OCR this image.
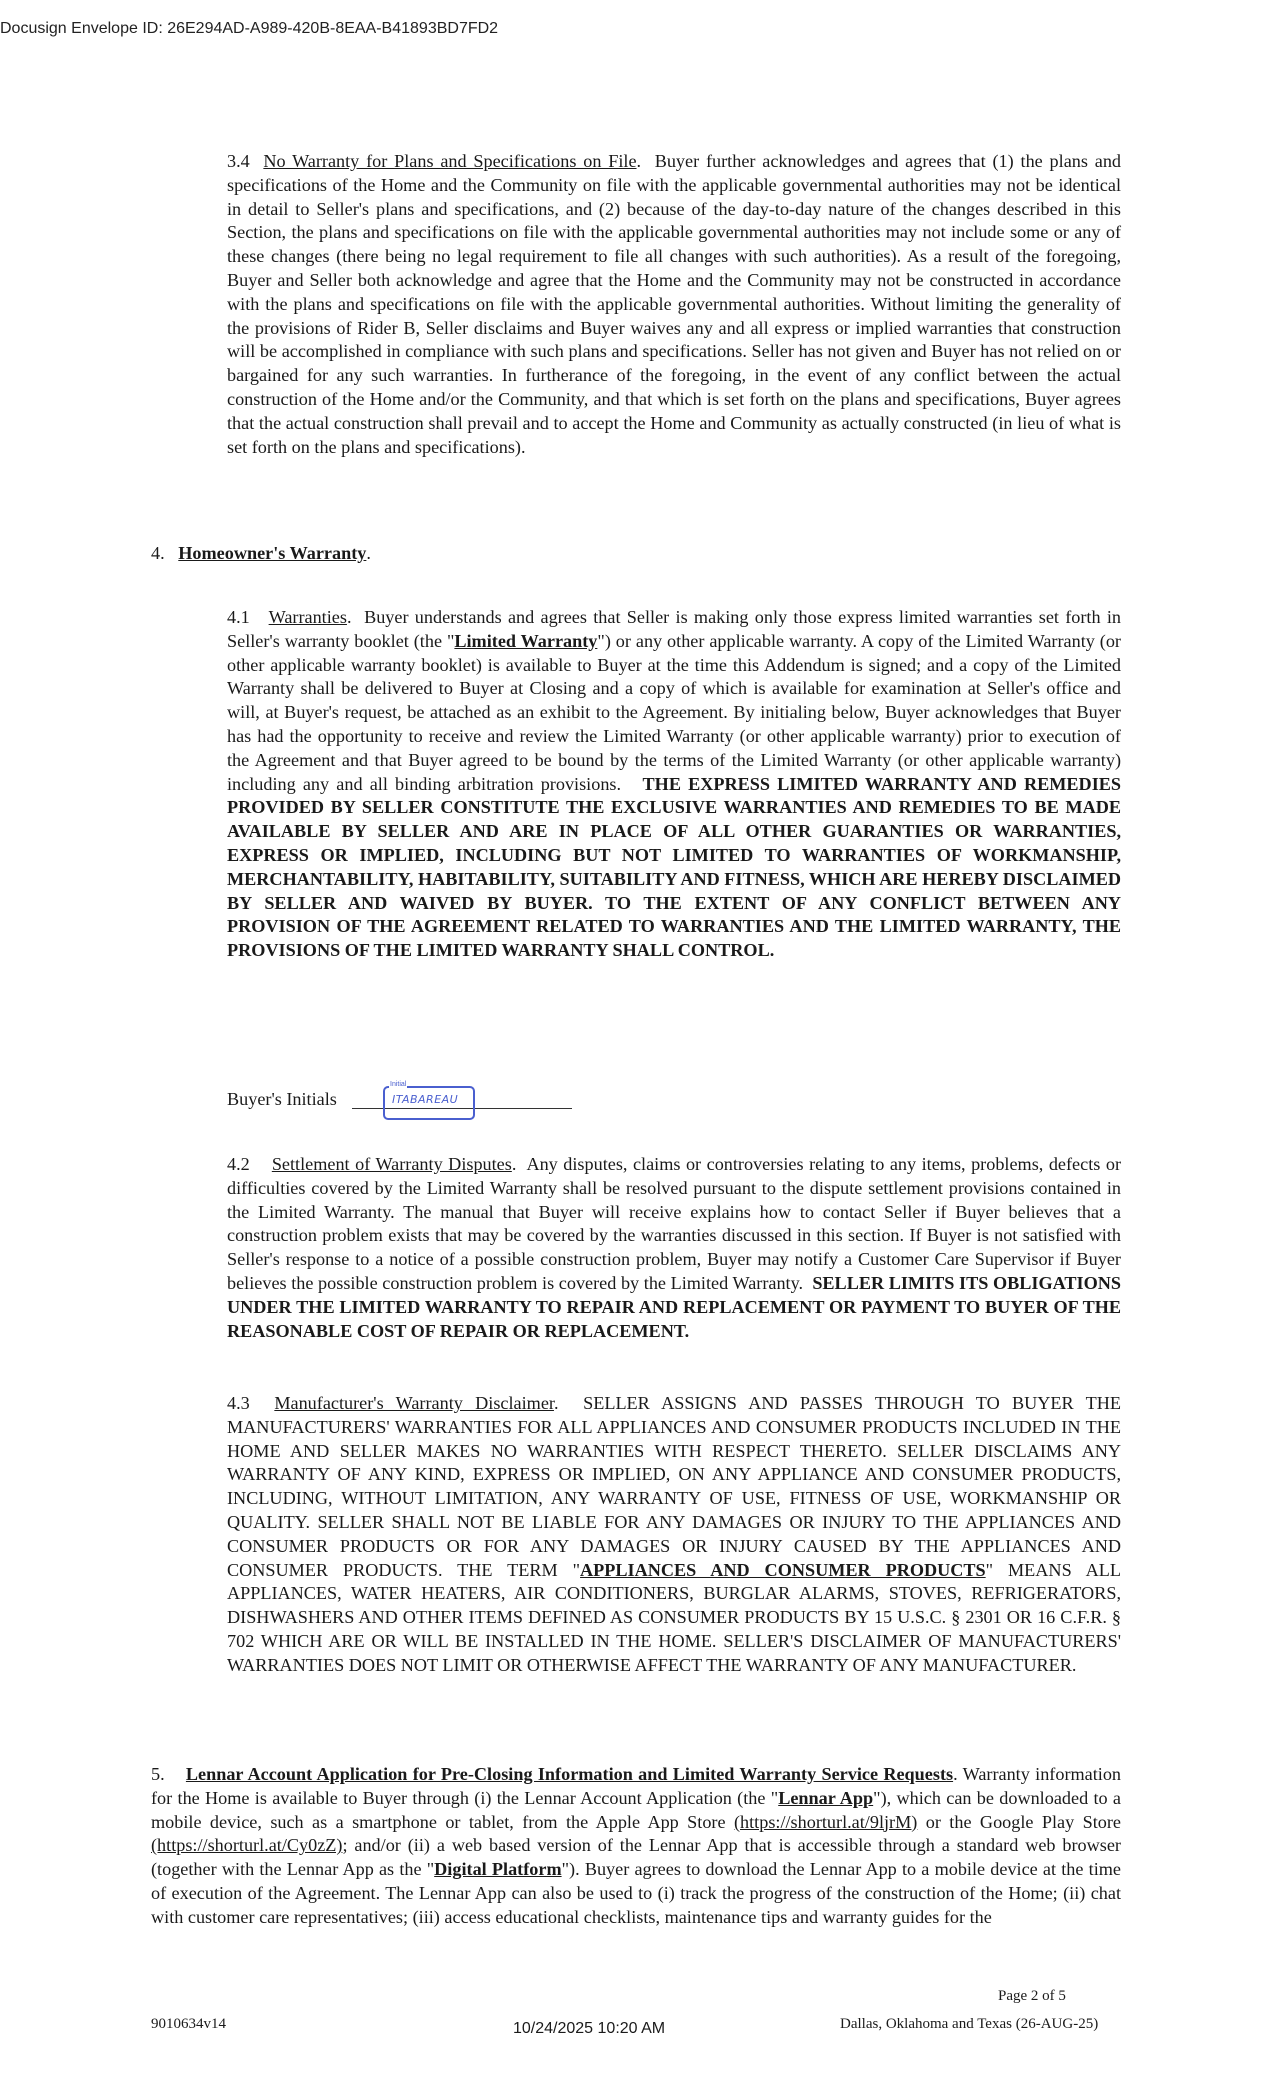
Docusign Envelope ID: 26E294AD-A989-420B-8EAA-B41893BD7FD2
3.4 No Warranty for Plans and Specifications on File.  Buyer further acknowledges and agrees that (1) the plans and specifications of the Home and the Community on file with the applicable governmental authorities may not be identical in detail to Seller's plans and specifications, and (2) because of the day-to-day nature of the changes described in this Section, the plans and specifications on file with the applicable governmental authorities may not include some or any of these changes (there being no legal requirement to file all changes with such authorities). As a result of the foregoing, Buyer and Seller both acknowledge and agree that the Home and the Community may not be constructed in accordance with the plans and specifications on file with the applicable governmental authorities. Without limiting the generality of the provisions of Rider B, Seller disclaims and Buyer waives any and all express or implied warranties that construction will be accomplished in compliance with such plans and specifications. Seller has not given and Buyer has not relied on or bargained for any such warranties. In furtherance of the foregoing, in the event of any conflict between the actual construction of the Home and/or the Community, and that which is set forth on the plans and specifications, Buyer agrees that the actual construction shall prevail and to accept the Home and Community as actually constructed (in lieu of what is set forth on the plans and specifications).
4. Homeowner's Warranty.
4.1 Warranties.  Buyer understands and agrees that Seller is making only those express limited warranties set forth in Seller's warranty booklet (the "Limited Warranty") or any other applicable warranty. A copy of the Limited Warranty (or other applicable warranty booklet) is available to Buyer at the time this Addendum is signed; and a copy of the Limited Warranty shall be delivered to Buyer at Closing and a copy of which is available for examination at Seller's office and will, at Buyer's request, be attached as an exhibit to the Agreement. By initialing below, Buyer acknowledges that Buyer has had the opportunity to receive and review the Limited Warranty (or other applicable warranty) prior to execution of the Agreement and that Buyer agreed to be bound by the terms of the Limited Warranty (or other applicable warranty) including any and all binding arbitration provisions. THE EXPRESS LIMITED WARRANTY AND REMEDIES PROVIDED BY SELLER CONSTITUTE THE EXCLUSIVE WARRANTIES AND REMEDIES TO BE MADE AVAILABLE BY SELLER AND ARE IN PLACE OF ALL OTHER GUARANTIES OR WARRANTIES, EXPRESS OR IMPLIED, INCLUDING BUT NOT LIMITED TO WARRANTIES OF WORKMANSHIP, MERCHANTABILITY, HABITABILITY, SUITABILITY AND FITNESS, WHICH ARE HEREBY DISCLAIMED BY SELLER AND WAIVED BY BUYER. TO THE EXTENT OF ANY CONFLICT BETWEEN ANY PROVISION OF THE AGREEMENT RELATED TO WARRANTIES AND THE LIMITED WARRANTY, THE PROVISIONS OF THE LIMITED WARRANTY SHALL CONTROL.
Buyer's Initials
Initial
ITABAREAU
4.2 Settlement of Warranty Disputes.  Any disputes, claims or controversies relating to any items, problems, defects or difficulties covered by the Limited Warranty shall be resolved pursuant to the dispute settlement provisions contained in the Limited Warranty. The manual that Buyer will receive explains how to contact Seller if Buyer believes that a construction problem exists that may be covered by the warranties discussed in this section. If Buyer is not satisfied with Seller's response to a notice of a possible construction problem, Buyer may notify a Customer Care Supervisor if Buyer believes the possible construction problem is covered by the Limited Warranty. SELLER LIMITS ITS OBLIGATIONS UNDER THE LIMITED WARRANTY TO REPAIR AND REPLACEMENT OR PAYMENT TO BUYER OF THE REASONABLE COST OF REPAIR OR REPLACEMENT.
4.3 Manufacturer's Warranty Disclaimer.  SELLER ASSIGNS AND PASSES THROUGH TO BUYER THE MANUFACTURERS' WARRANTIES FOR ALL APPLIANCES AND CONSUMER PRODUCTS INCLUDED IN THE HOME AND SELLER MAKES NO WARRANTIES WITH RESPECT THERETO. SELLER DISCLAIMS ANY WARRANTY OF ANY KIND, EXPRESS OR IMPLIED, ON ANY APPLIANCE AND CONSUMER PRODUCTS, INCLUDING, WITHOUT LIMITATION, ANY WARRANTY OF USE, FITNESS OF USE, WORKMANSHIP OR QUALITY. SELLER SHALL NOT BE LIABLE FOR ANY DAMAGES OR INJURY TO THE APPLIANCES AND CONSUMER PRODUCTS OR FOR ANY DAMAGES OR INJURY CAUSED BY THE APPLIANCES AND CONSUMER PRODUCTS. THE TERM "APPLIANCES AND CONSUMER PRODUCTS" MEANS ALL APPLIANCES, WATER HEATERS, AIR CONDITIONERS, BURGLAR ALARMS, STOVES, REFRIGERATORS, DISHWASHERS AND OTHER ITEMS DEFINED AS CONSUMER PRODUCTS BY 15 U.S.C. § 2301 OR 16 C.F.R. § 702 WHICH ARE OR WILL BE INSTALLED IN THE HOME. SELLER'S DISCLAIMER OF MANUFACTURERS' WARRANTIES DOES NOT LIMIT OR OTHERWISE AFFECT THE WARRANTY OF ANY MANUFACTURER.
5. Lennar Account Application for Pre-Closing Information and Limited Warranty Service Requests. Warranty information for the Home is available to Buyer through (i) the Lennar Account Application (the "Lennar App"), which can be downloaded to a mobile device, such as a smartphone or tablet, from the Apple App Store (https://shorturl.at/9ljrM) or the Google Play Store (https://shorturl.at/Cy0zZ); and/or (ii) a web based version of the Lennar App that is accessible through a standard web browser (together with the Lennar App as the "Digital Platform"). Buyer agrees to download the Lennar App to a mobile device at the time of execution of the Agreement. The Lennar App can also be used to (i) track the progress of the construction of the Home; (ii) chat with customer care representatives; (iii) access educational checklists, maintenance tips and warranty guides for the
Page 2 of 5
9010634v14	10/24/2025 10:20 AM	Dallas, Oklahoma and Texas (26-AUG-25)
